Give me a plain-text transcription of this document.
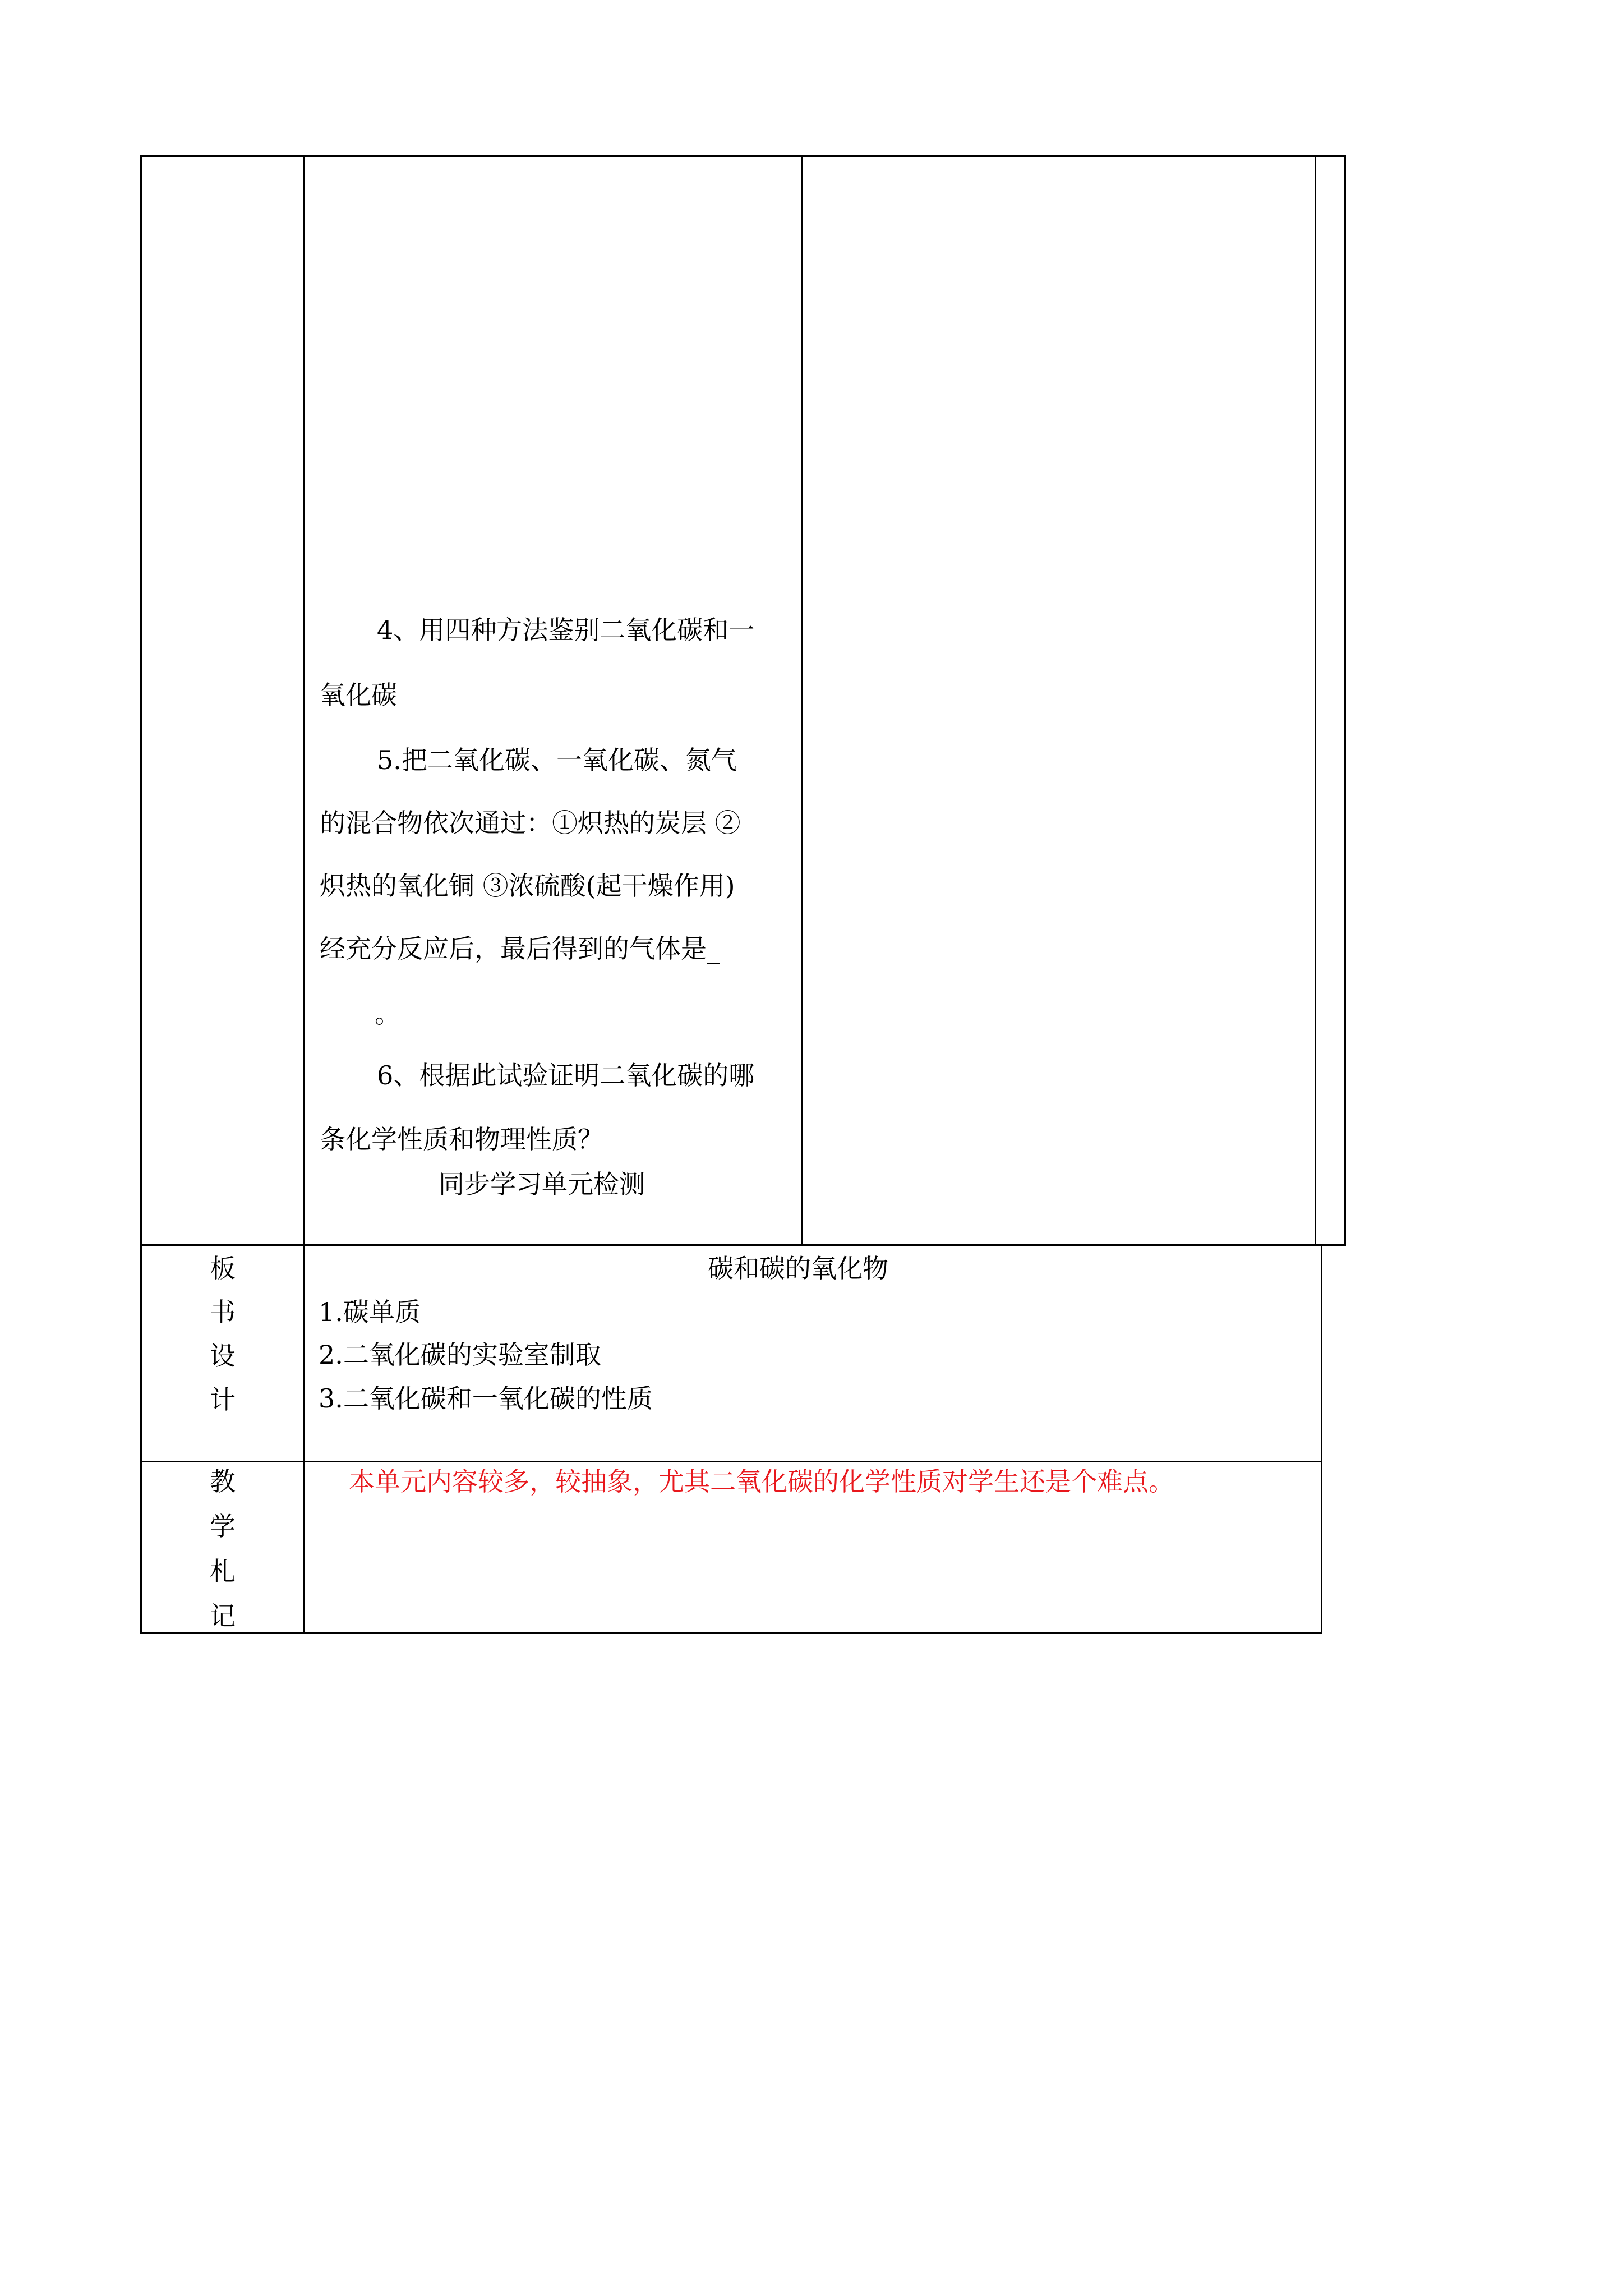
4、用四种方法鉴别二氧化碳和一
氧化碳
5.把二氧化碳、一氧化碳、氮气
的混合物依次通过：①炽热的炭层 ②
炽热的氧化铜 ③浓硫酸(起干燥作用)
经充分反应后，最后得到的气体是_
。
6、根据此试验证明二氧化碳的哪
条化学性质和物理性质？
同步学习单元检测
板
书
设
计
碳和碳的氧化物
1.碳单质
2.二氧化碳的实验室制取
3.二氧化碳和一氧化碳的性质
教
学
札
记
本单元内容较多，较抽象，尤其二氧化碳的化学性质对学生还是个难点。
